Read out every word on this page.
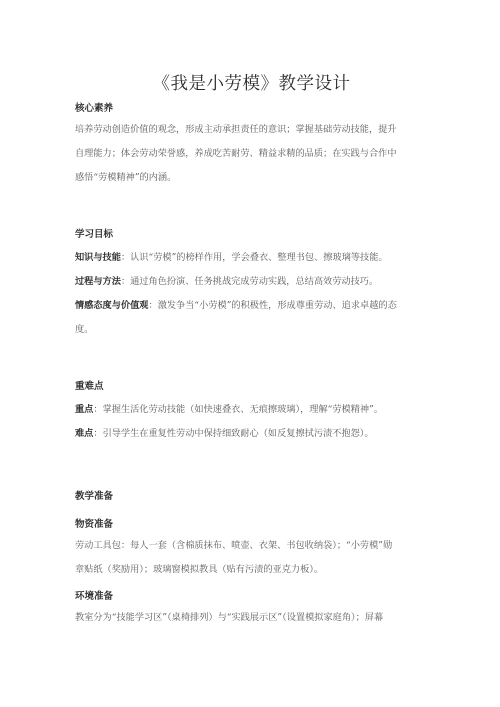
《我是小劳模》教学设计
核心素养

培养劳动创造价值的观念，形成主动承担责任的意识；掌握基础劳动技能，提升

自理能力；体会劳动荣誉感，养成吃苦耐劳、精益求精的品质；在实践与合作中

感悟“劳模精神”的内涵。

学习目标

知识与技能：认识“劳模”的榜样作用，学会叠衣、整理书包、擦玻璃等技能。

过程与方法：通过角色扮演、任务挑战完成劳动实践，总结高效劳动技巧。

情感态度与价值观：激发争当“小劳模”的积极性，形成尊重劳动、追求卓越的态

度。

重难点

重点：掌握生活化劳动技能（如快速叠衣、无痕擦玻璃），理解“劳模精神”。

难点：引导学生在重复性劳动中保持细致耐心（如反复擦拭污渍不抱怨）。

教学准备
物资准备

劳动工具包：每人一套（含棉质抹布、喷壶、衣架、书包收纳袋）；“小劳模”勋

章贴纸（奖励用）；玻璃窗模拟教具（贴有污渍的亚克力板）。

环境准备

教室分为“技能学习区”（桌椅排列）与“实践展示区”（设置模拟家庭角）；屏幕
